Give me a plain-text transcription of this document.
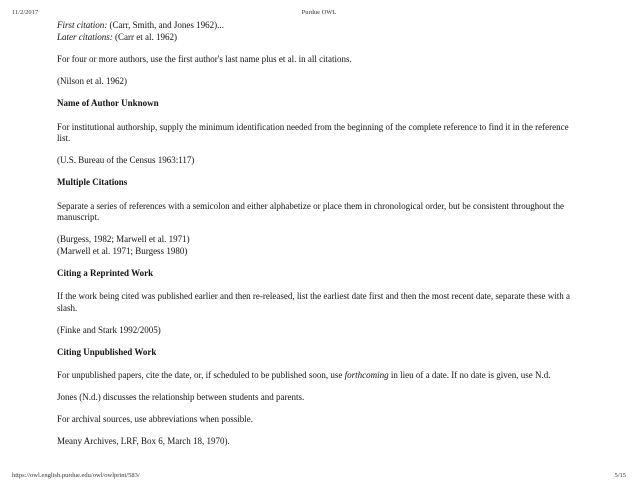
11/2/2017	Purdue OWL

First citation: (Carr, Smith, and Jones 1962)...
Later citations: (Carr et al. 1962)

For four or more authors, use the first author's last name plus et al. in all citations.

(Nilson et al. 1962)

Name of Author Unknown

For institutional authorship, supply the minimum identification needed from the beginning of the complete reference to find it in the reference list.

(U.S. Bureau of the Census 1963:117)

Multiple Citations

Separate a series of references with a semicolon and either alphabetize or place them in chronological order, but be consistent throughout the manuscript.

(Burgess, 1982; Marwell et al. 1971)
(Marwell et al. 1971; Burgess 1980)

Citing a Reprinted Work

If the work being cited was published earlier and then re-released, list the earliest date first and then the most recent date, separate these with a slash.

(Finke and Stark 1992/2005)

Citing Unpublished Work

For unpublished papers, cite the date, or, if scheduled to be published soon, use forthcoming in lieu of a date. If no date is given, use N.d.

Jones (N.d.) discusses the relationship between students and parents.

For archival sources, use abbreviations when possible.

Meany Archives, LRF, Box 6, March 18, 1970).

https://owl.english.purdue.edu/owl/owlprint/583/	5/15
